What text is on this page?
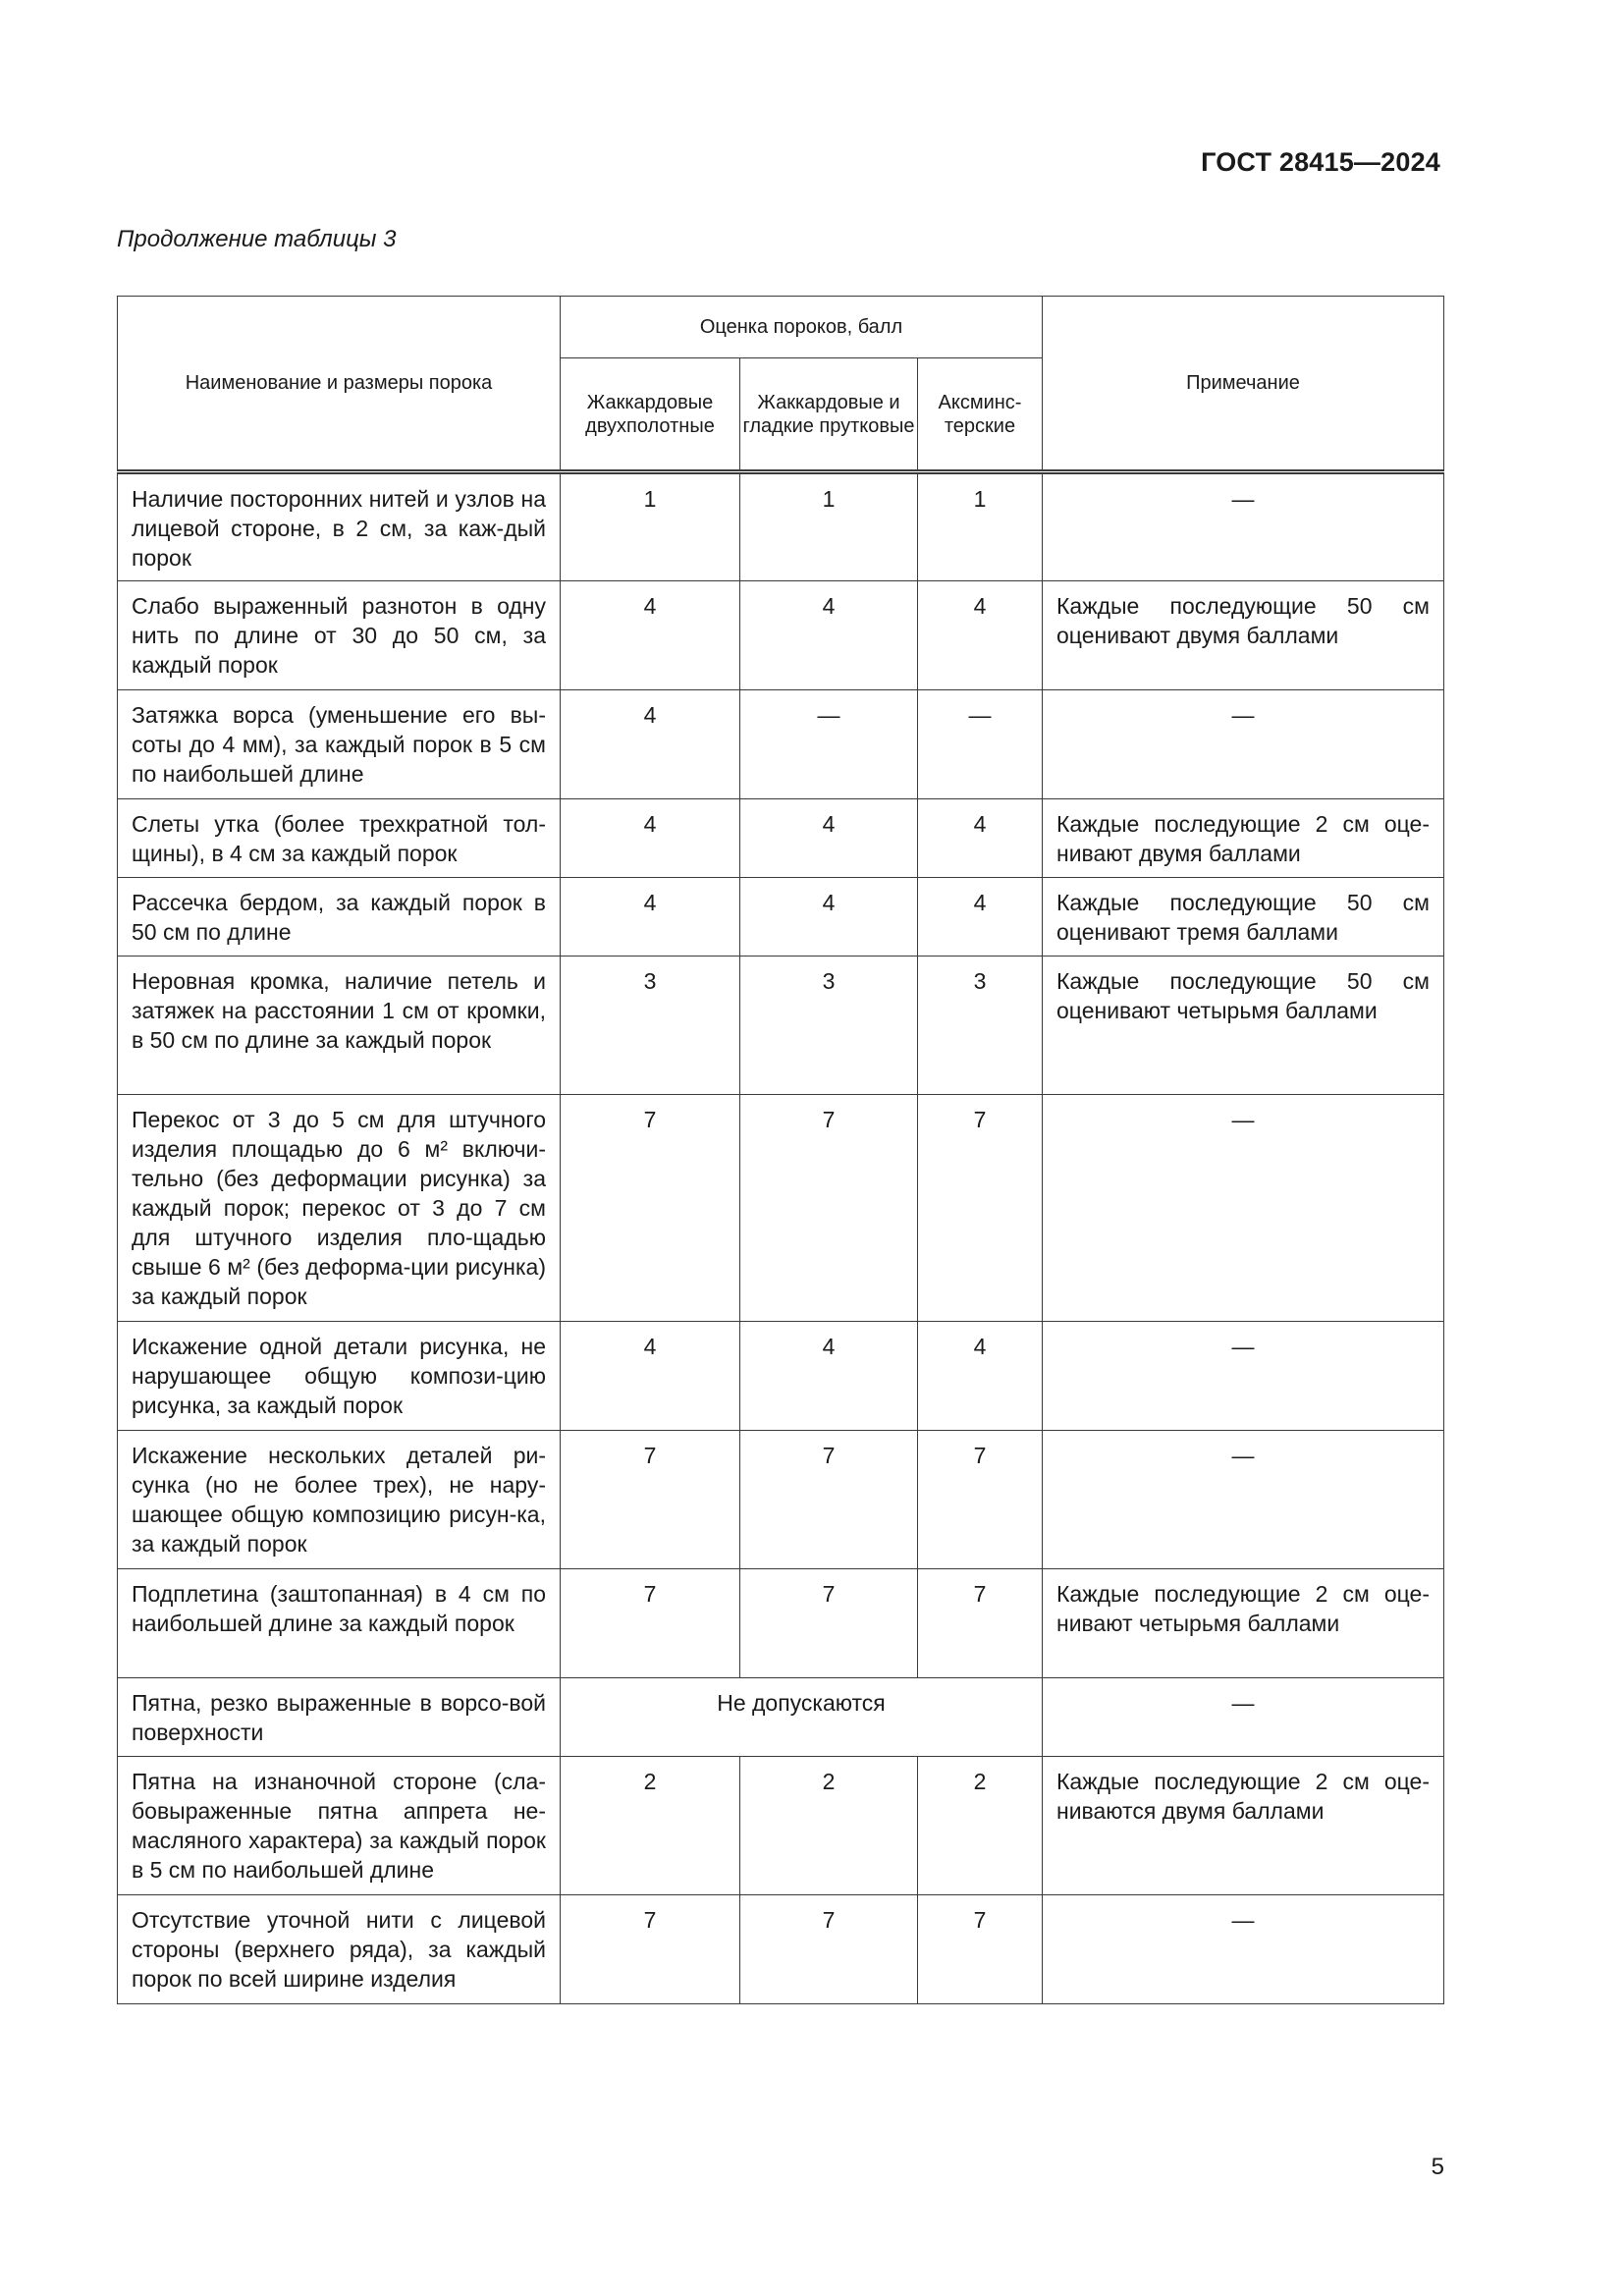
ГОСТ 28415—2024
Продолжение таблицы 3
Наименование и размеры порока	Оценка пороков, балл			Примечание
	Жаккардовые двухполотные	Жаккардовые и гладкие прутковые	Аксминс-терские	
Наличие посторонних нитей и узлов на лицевой стороне, в 2 см, за каж-дый порок	1	1	1	—
Слабо выраженный разнотон в одну нить по длине от 30 до 50 см, за каждый порок	4	4	4	Каждые последующие 50 см оценивают двумя баллами
Затяжка ворса (уменьшение его вы-соты до 4 мм), за каждый порок в 5 см по наибольшей длине	4	—	—	—
Слеты утка (более трехкратной тол-щины), в 4 см за каждый порок	4	4	4	Каждые последующие 2 см оце-нивают двумя баллами
Рассечка бердом, за каждый порок в 50 см по длине	4	4	4	Каждые последующие 50 см оценивают тремя баллами
Неровная кромка, наличие петель и затяжек на расстоянии 1 см от кромки, в 50 см по длине за каждый порок	3	3	3	Каждые последующие 50 см оценивают четырьмя баллами
Перекос от 3 до 5 см для штучного изделия площадью до 6 м² включи-тельно (без деформации рисунка) за каждый порок; перекос от 3 до 7 см для штучного изделия пло-щадью свыше 6 м² (без деформа-ции рисунка) за каждый порок	7	7	7	—
Искажение одной детали рисунка, не нарушающее общую компози-цию рисунка, за каждый порок	4	4	4	—
Искажение нескольких деталей ри-сунка (но не более трех), не нару-шающее общую композицию рисун-ка, за каждый порок	7	7	7	—
Подплетина (заштопанная) в 4 см по наибольшей длине за каждый порок	7	7	7	Каждые последующие 2 см оце-нивают четырьмя баллами
Пятна, резко выраженные в ворсо-вой поверхности	Не допускаются			—
Пятна на изнаночной стороне (сла-бовыраженные пятна аппрета не-масляного характера) за каждый порок в 5 см по наибольшей длине	2	2	2	Каждые последующие 2 см оце-ниваются двумя баллами
Отсутствие уточной нити с лицевой стороны (верхнего ряда), за каждый порок по всей ширине изделия	7	7	7	—
5
